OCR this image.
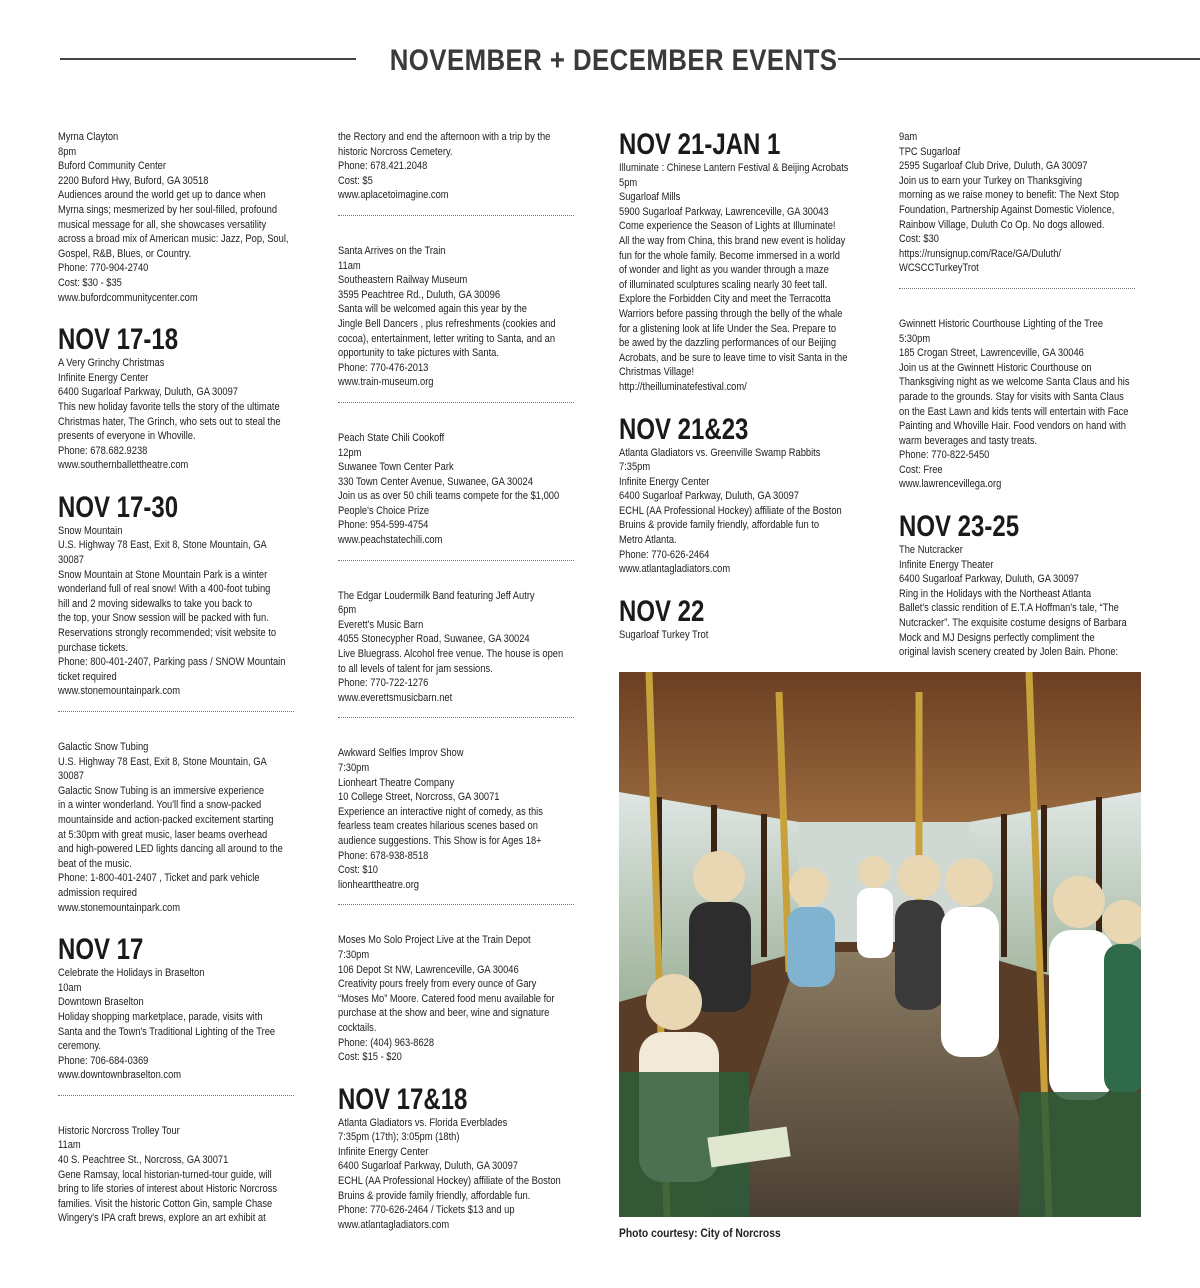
NOVEMBER + DECEMBER EVENTS
Myrna Clayton
8pm
Buford Community Center
2200 Buford Hwy, Buford, GA 30518
Audiences around the world get up to dance when
Myrna sings; mesmerized by her soul-filled, profound
musical message for all, she showcases versatility
across a broad mix of American music: Jazz, Pop, Soul,
Gospel, R&B, Blues, or Country.
Phone: 770-904-2740
Cost: $30 - $35
www.bufordcommunitycenter.com
NOV 17-18
A Very Grinchy Christmas
Infinite Energy Center
6400 Sugarloaf Parkway, Duluth, GA 30097
This new holiday favorite tells the story of the ultimate
Christmas hater, The Grinch, who sets out to steal the
presents of everyone in Whoville.
Phone: 678.682.9238
www.southernballettheatre.com
NOV 17-30
Snow Mountain
U.S. Highway 78 East, Exit 8, Stone Mountain, GA
30087
Snow Mountain at Stone Mountain Park is a winter
wonderland full of real snow! With a 400-foot tubing
hill and 2 moving sidewalks to take you back to
the top, your Snow session will be packed with fun.
Reservations strongly recommended; visit website to
purchase tickets.
Phone: 800-401-2407, Parking pass / SNOW Mountain
ticket required
www.stonemountainpark.com
Galactic Snow Tubing
U.S. Highway 78 East, Exit 8, Stone Mountain, GA
30087
Galactic Snow Tubing is an immersive experience
in a winter wonderland. You'll find a snow-packed
mountainside and action-packed excitement starting
at 5:30pm with great music, laser beams overhead
and high-powered LED lights dancing all around to the
beat of the music.
Phone: 1-800-401-2407 , Ticket and park vehicle
admission required
www.stonemountainpark.com
NOV 17
Celebrate the Holidays in Braselton
10am
Downtown Braselton
Holiday shopping marketplace, parade, visits with
Santa and the Town's Traditional Lighting of the Tree
ceremony.
Phone: 706-684-0369
www.downtownbraselton.com
Historic Norcross Trolley Tour
11am
40 S. Peachtree St., Norcross, GA 30071
Gene Ramsay, local historian-turned-tour guide, will
bring to life stories of interest about Historic Norcross
families. Visit the historic Cotton Gin, sample Chase
Wingery's IPA craft brews, explore an art exhibit at
the Rectory and end the afternoon with a trip by the
historic Norcross Cemetery.
Phone: 678.421.2048
Cost: $5
www.aplacetoimagine.com
Santa Arrives on the Train
11am
Southeastern Railway Museum
3595 Peachtree Rd., Duluth, GA 30096
Santa will be welcomed again this year by the
Jingle Bell Dancers , plus refreshments (cookies and
cocoa), entertainment, letter writing to Santa, and an
opportunity to take pictures with Santa.
Phone: 770-476-2013
www.train-museum.org
Peach State Chili Cookoff
12pm
Suwanee Town Center Park
330 Town Center Avenue, Suwanee, GA 30024
Join us as over 50 chili teams compete for the $1,000
People's Choice Prize
Phone: 954-599-4754
www.peachstatechili.com
The Edgar Loudermilk Band featuring Jeff Autry
6pm
Everett's Music Barn
4055 Stonecypher Road, Suwanee, GA 30024
Live Bluegrass. Alcohol free venue. The house is open
to all levels of talent for jam sessions.
Phone: 770-722-1276
www.everettsmusicbarn.net
Awkward Selfies Improv Show
7:30pm
Lionheart Theatre Company
10 College Street, Norcross, GA 30071
Experience an interactive night of comedy, as this
fearless team creates hilarious scenes based on
audience suggestions. This Show is for Ages 18+
Phone: 678-938-8518
Cost: $10
lionhearttheatre.org
Moses Mo Solo Project Live at the Train Depot
7:30pm
106 Depot St NW, Lawrenceville, GA 30046
Creativity pours freely from every ounce of Gary
“Moses Mo” Moore. Catered food menu available for
purchase at the show and beer, wine and signature
cocktails.
Phone: (404) 963-8628
Cost: $15 - $20
NOV 17&18
Atlanta Gladiators vs. Florida Everblades
7:35pm (17th); 3:05pm (18th)
Infinite Energy Center
6400 Sugarloaf Parkway, Duluth, GA 30097
ECHL (AA Professional Hockey) affiliate of the Boston
Bruins & provide family friendly, affordable fun.
Phone: 770-626-2464 / Tickets $13 and up
www.atlantagladiators.com
NOV 21-JAN 1
Illuminate : Chinese Lantern Festival & Beijing Acrobats
5pm
Sugarloaf Mills
5900 Sugarloaf Parkway, Lawrenceville, GA 30043
Come experience the Season of Lights at Illuminate!
All the way from China, this brand new event is holiday
fun for the whole family. Become immersed in a world
of wonder and light as you wander through a maze
of illuminated sculptures scaling nearly 30 feet tall.
Explore the Forbidden City and meet the Terracotta
Warriors before passing through the belly of the whale
for a glistening look at life Under the Sea. Prepare to
be awed by the dazzling performances of our Beijing
Acrobats, and be sure to leave time to visit Santa in the
Christmas Village!
http://theilluminatefestival.com/
NOV 21&23
Atlanta Gladiators vs. Greenville Swamp Rabbits
7:35pm
Infinite Energy Center
6400 Sugarloaf Parkway, Duluth, GA 30097
ECHL (AA Professional Hockey) affiliate of the Boston
Bruins & provide family friendly, affordable fun to
Metro Atlanta.
Phone: 770-626-2464
www.atlantagladiators.com
NOV 22
Sugarloaf Turkey Trot
9am
TPC Sugarloaf
2595 Sugarloaf Club Drive, Duluth, GA 30097
Join us to earn your Turkey on Thanksgiving
morning as we raise money to benefit: The Next Stop
Foundation, Partnership Against Domestic Violence,
Rainbow Village, Duluth Co Op. No dogs allowed.
Cost: $30
https://runsignup.com/Race/GA/Duluth/
WCSCCTurkeyTrot
Gwinnett Historic Courthouse Lighting of the Tree
5:30pm
185 Crogan Street, Lawrenceville, GA 30046
Join us at the Gwinnett Historic Courthouse on
Thanksgiving night as we welcome Santa Claus and his
parade to the grounds. Stay for visits with Santa Claus
on the East Lawn and kids tents will entertain with Face
Painting and Whoville Hair. Food vendors on hand with
warm beverages and tasty treats.
Phone: 770-822-5450
Cost: Free
www.lawrencevillega.org
NOV 23-25
The Nutcracker
Infinite Energy Theater
6400 Sugarloaf Parkway, Duluth, GA 30097
Ring in the Holidays with the Northeast Atlanta
Ballet's classic rendition of E.T.A Hoffman's tale, “The
Nutcracker”. The exquisite costume designs of Barbara
Mock and MJ Designs perfectly compliment the
original lavish scenery created by Jolen Bain. Phone:
Photo courtesy: City of Norcross
